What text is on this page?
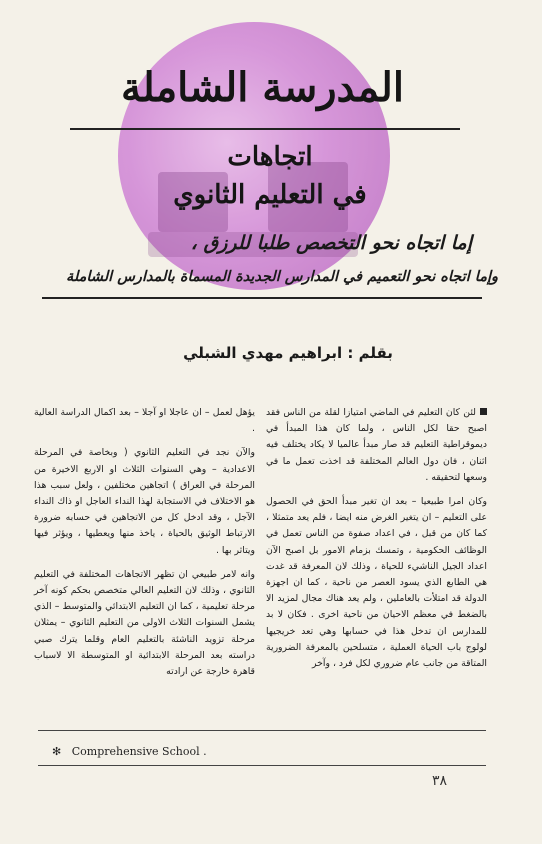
المدرسة الشاملة
اتجاهات
في التعليم الثانوي
إما اتجاه نحو التخصص طلبا للرزق ،
وإما اتجاه نحو التعميم في المدارس الجديدة المسماة بالمدارس الشاملة
بقلم : ابراهيم مهدي الشبلي

لئن كان التعليم في الماضي امتيازا لقلة من الناس فقد اصبح حقا لكل الناس ، ولما كان هذا المبدأ في ديموقراطية التعليم قد صار مبدأ عالميا لا يكاد يختلف فيه اثنان ، فان دول العالم المختلفة قد اخذت تعمل ما في وسعها لتحقيقه .

وكان امرا طبيعيا – بعد ان تغير مبدأ الحق في الحصول على التعليم – ان يتغير الغرض منه ايضا ، فلم يعد متمثلا ، كما كان من قبل ، في اعداد صفوة من الناس تعمل في الوظائف الحكومية ، وتمسك بزمام الامور بل اصبح الآن اعداد الجيل الناشيء للحياة ، وذلك لان المعرفة قد غدت هي الطابع الذي يسود العصر من ناحية ، كما ان اجهزة الدولة قد امتلأت بالعاملين ، ولم يعد هناك مجال لمزيد الا بالضغط في معظم الاحيان من ناحية اخرى . فكان لا بد للمدارس ان تدخل هذا في حسابها وهي تعد خريجيها لولوج باب الحياة العملية ، متسلحين بالمعرفة الضرورية المتاقة من جانب عام ضروري لكل فرد ، وآخر

يؤهل لعمل – ان عاجلا او آجلا – بعد اكمال الدراسة العالية .

والآن نجد في التعليم الثانوي ( وبخاصة في المرحلة الاعدادية – وهي السنوات الثلاث او الاربع الاخيرة من المرحلة في العراق ) اتجاهين مختلفين ، ولعل سبب هذا هو الاختلاف في الاستجابة لهذا النداء العاجل او ذاك النداء الآجل ، وقد ادخل كل من الاتجاهين في حسابه ضرورة الارتباط الوثيق بالحياة ، ياخذ منها ويعطيها ، ويؤثر فيها ويتاثر بها .

وانه لامر طبيعي ان تظهر الاتجاهات المختلفة في التعليم الثانوي ، وذلك لان التعليم العالي متخصص بحكم كونه آخر مرحلة تعليمية ، كما ان التعليم الابتدائي والمتوسط – الذي يشمل السنوات الثلاث الاولى من التعليم الثانوي – يمثلان مرحلة تزويد الناشئة بالتعليم العام وقلما يترك صبي دراسته بعد المرحلة الابتدائية او المتوسطة الا لاسباب قاهرة خارجة عن ارادته

✻ Comprehensive School .
٣٨
